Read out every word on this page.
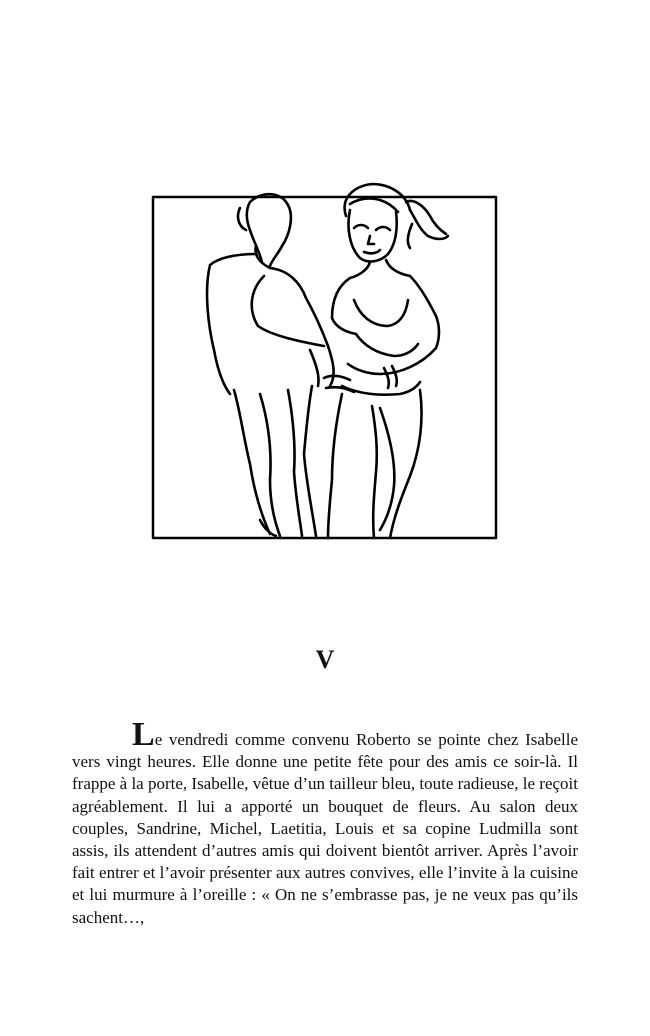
V

Le vendredi comme convenu Roberto se pointe chez Isabelle vers vingt heures. Elle donne une petite fête pour des amis ce soir-là. Il frappe à la porte, Isabelle, vêtue d’un tailleur bleu, toute radieuse, le reçoit agréablement. Il lui a apporté un bouquet de fleurs. Au salon deux couples, Sandrine, Michel, Laetitia, Louis et sa copine Ludmilla sont assis, ils attendent d’autres amis qui doivent bientôt arriver. Après l’avoir fait entrer et l’avoir présenter aux autres convives, elle l’invite à la cuisine et lui murmure à l’oreille : « On ne s’embrasse pas, je ne veux pas qu’ils sachent…,
